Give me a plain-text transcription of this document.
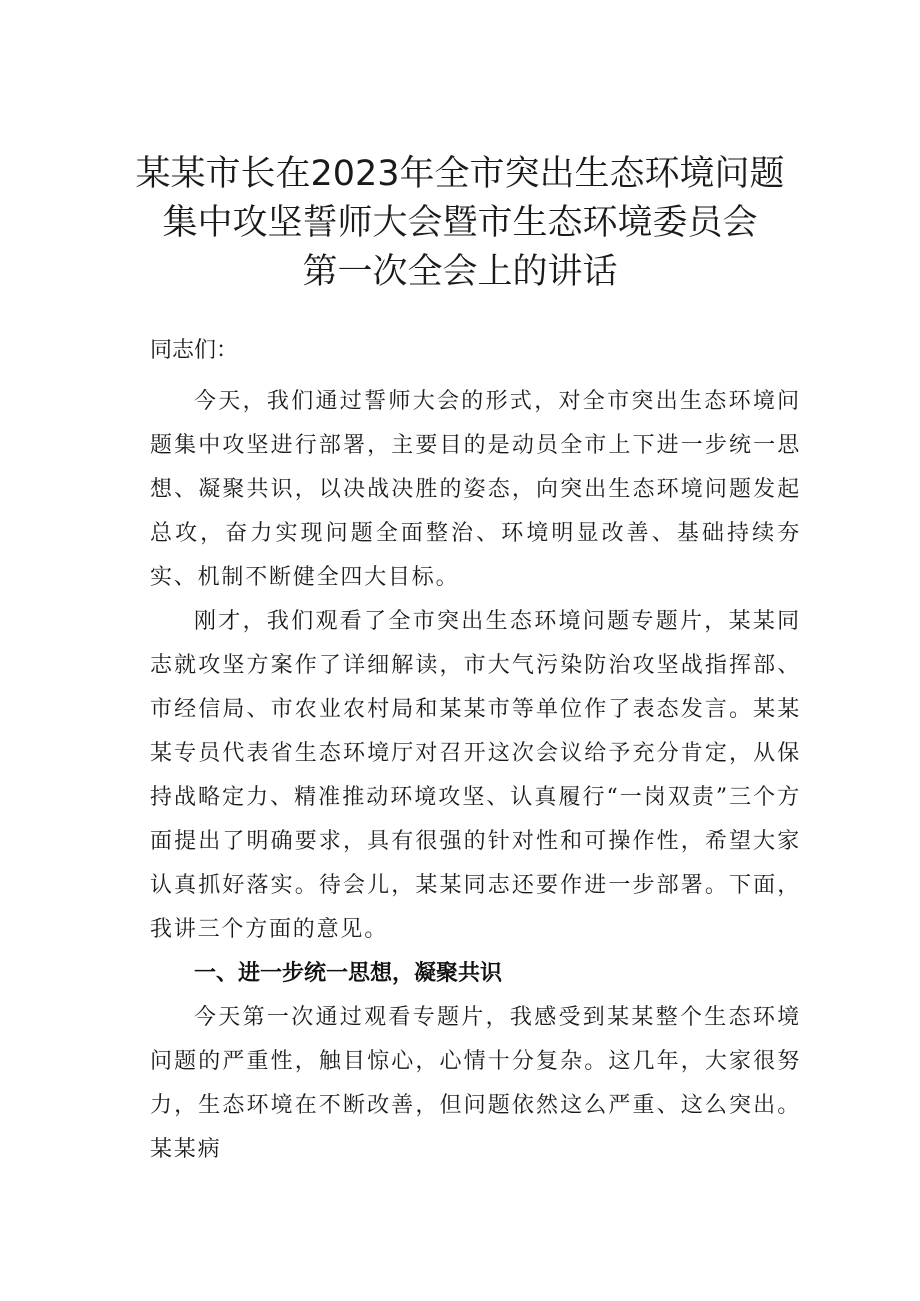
某某市长在2023年全市突出生态环境问题
集中攻坚誓师大会暨市生态环境委员会
第一次全会上的讲话
同志们：

今天，我们通过誓师大会的形式，对全市突出生态环境问题集中攻坚进行部署，主要目的是动员全市上下进一步统一思想、凝聚共识，以决战决胜的姿态，向突出生态环境问题发起总攻，奋力实现问题全面整治、环境明显改善、基础持续夯实、机制不断健全四大目标。

刚才，我们观看了全市突出生态环境问题专题片，某某同志就攻坚方案作了详细解读，市大气污染防治攻坚战指挥部、市经信局、市农业农村局和某某市等单位作了表态发言。某某某专员代表省生态环境厅对召开这次会议给予充分肯定，从保持战略定力、精准推动环境攻坚、认真履行“一岗双责”三个方面提出了明确要求，具有很强的针对性和可操作性，希望大家认真抓好落实。待会儿，某某同志还要作进一步部署。下面，我讲三个方面的意见。

一、进一步统一思想，凝聚共识

今天第一次通过观看专题片，我感受到某某整个生态环境问题的严重性，触目惊心，心情十分复杂。这几年，大家很努力，生态环境在不断改善，但问题依然这么严重、这么突出。某某病
